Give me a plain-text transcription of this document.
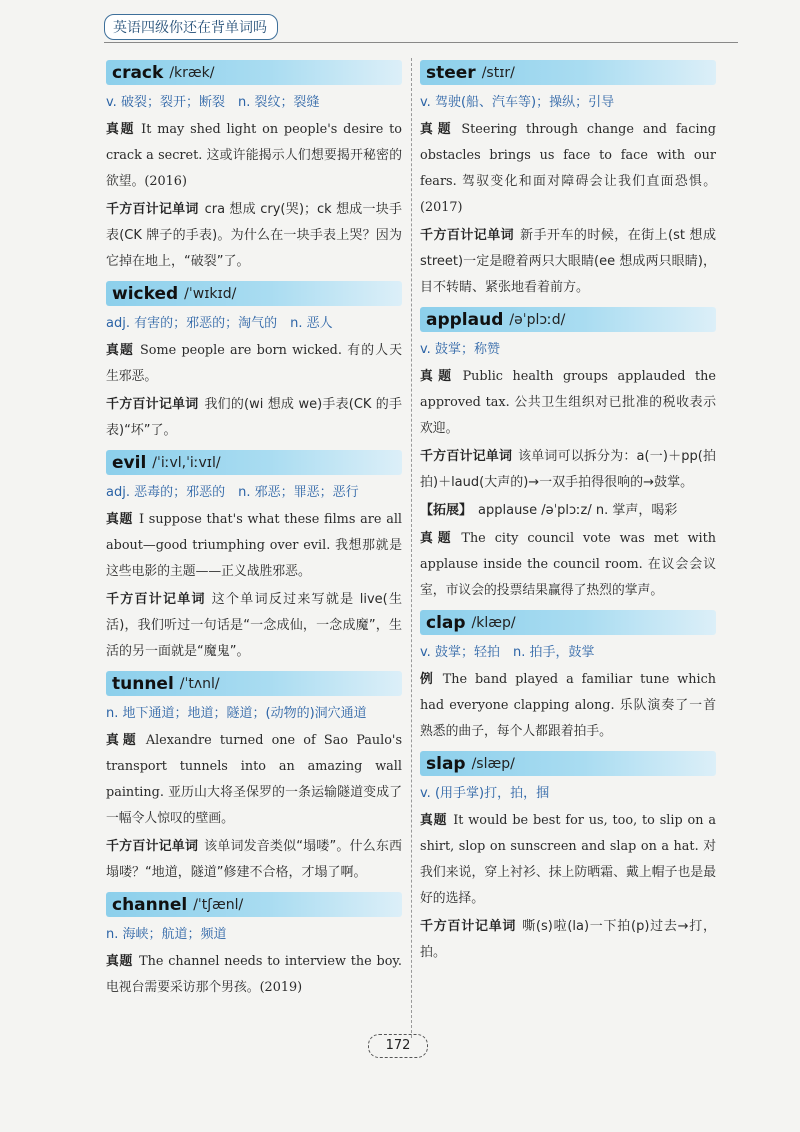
英语四级你还在背单词吗
crack /kræk/
v. 破裂；裂开；断裂　n. 裂纹；裂缝

真题 It may shed light on people's desire to crack a secret. 这或许能揭示人们想要揭开秘密的欲望。(2016)

千方百计记单词 cra 想成 cry(哭)；ck 想成一块手表(CK 牌子的手表)。为什么在一块手表上哭？因为它掉在地上，“破裂”了。

wicked /ˈwɪkɪd/
adj. 有害的；邪恶的；淘气的　n. 恶人

真题 Some people are born wicked. 有的人天生邪恶。

千方百计记单词 我们的(wi 想成 we)手表(CK 的手表)“坏”了。

evil /ˈiːvl,ˈiːvɪl/
adj. 恶毒的；邪恶的　n. 邪恶；罪恶；恶行

真题 I suppose that's what these films are all about—good triumphing over evil. 我想那就是这些电影的主题——正义战胜邪恶。

千方百计记单词 这个单词反过来写就是 live(生活)，我们听过一句话是“一念成仙，一念成魔”，生活的另一面就是“魔鬼”。

tunnel /ˈtʌnl/
n. 地下通道；地道；隧道；(动物的)洞穴通道

真题 Alexandre turned one of Sao Paulo's transport tunnels into an amazing wall painting. 亚历山大将圣保罗的一条运输隧道变成了一幅令人惊叹的壁画。

千方百计记单词 该单词发音类似“塌喽”。什么东西塌喽？“地道，隧道”修建不合格，才塌了啊。

channel /ˈtʃænl/
n. 海峡；航道；频道

真题 The channel needs to interview the boy. 电视台需要采访那个男孩。(2019)

steer /stɪr/
v. 驾驶(船、汽车等)；操纵；引导

真题 Steering through change and facing obstacles brings us face to face with our fears. 驾驭变化和面对障碍会让我们直面恐惧。(2017)

千方百计记单词 新手开车的时候，在街上(st 想成 street)一定是瞪着两只大眼睛(ee 想成两只眼睛)，目不转睛、紧张地看着前方。

applaud /əˈplɔːd/
v. 鼓掌；称赞

真题 Public health groups applauded the approved tax. 公共卫生组织对已批准的税收表示欢迎。

千方百计记单词 该单词可以拆分为：a(一)＋pp(拍拍)＋laud(大声的)→一双手拍得很响的→鼓掌。

【拓展】 applause /əˈplɔːz/ n. 掌声，喝彩

真题 The city council vote was met with applause inside the council room. 在议会会议室，市议会的投票结果赢得了热烈的掌声。

clap /klæp/
v. 鼓掌；轻拍　n. 拍手，鼓掌

例 The band played a familiar tune which had everyone clapping along. 乐队演奏了一首熟悉的曲子，每个人都跟着拍手。

slap /slæp/
v. (用手掌)打，拍，掴

真题 It would be best for us, too, to slip on a shirt, slop on sunscreen and slap on a hat. 对我们来说，穿上衬衫、抹上防晒霜、戴上帽子也是最好的选择。

千方百计记单词 嘶(s)啦(la)一下拍(p)过去→打，拍。

172
